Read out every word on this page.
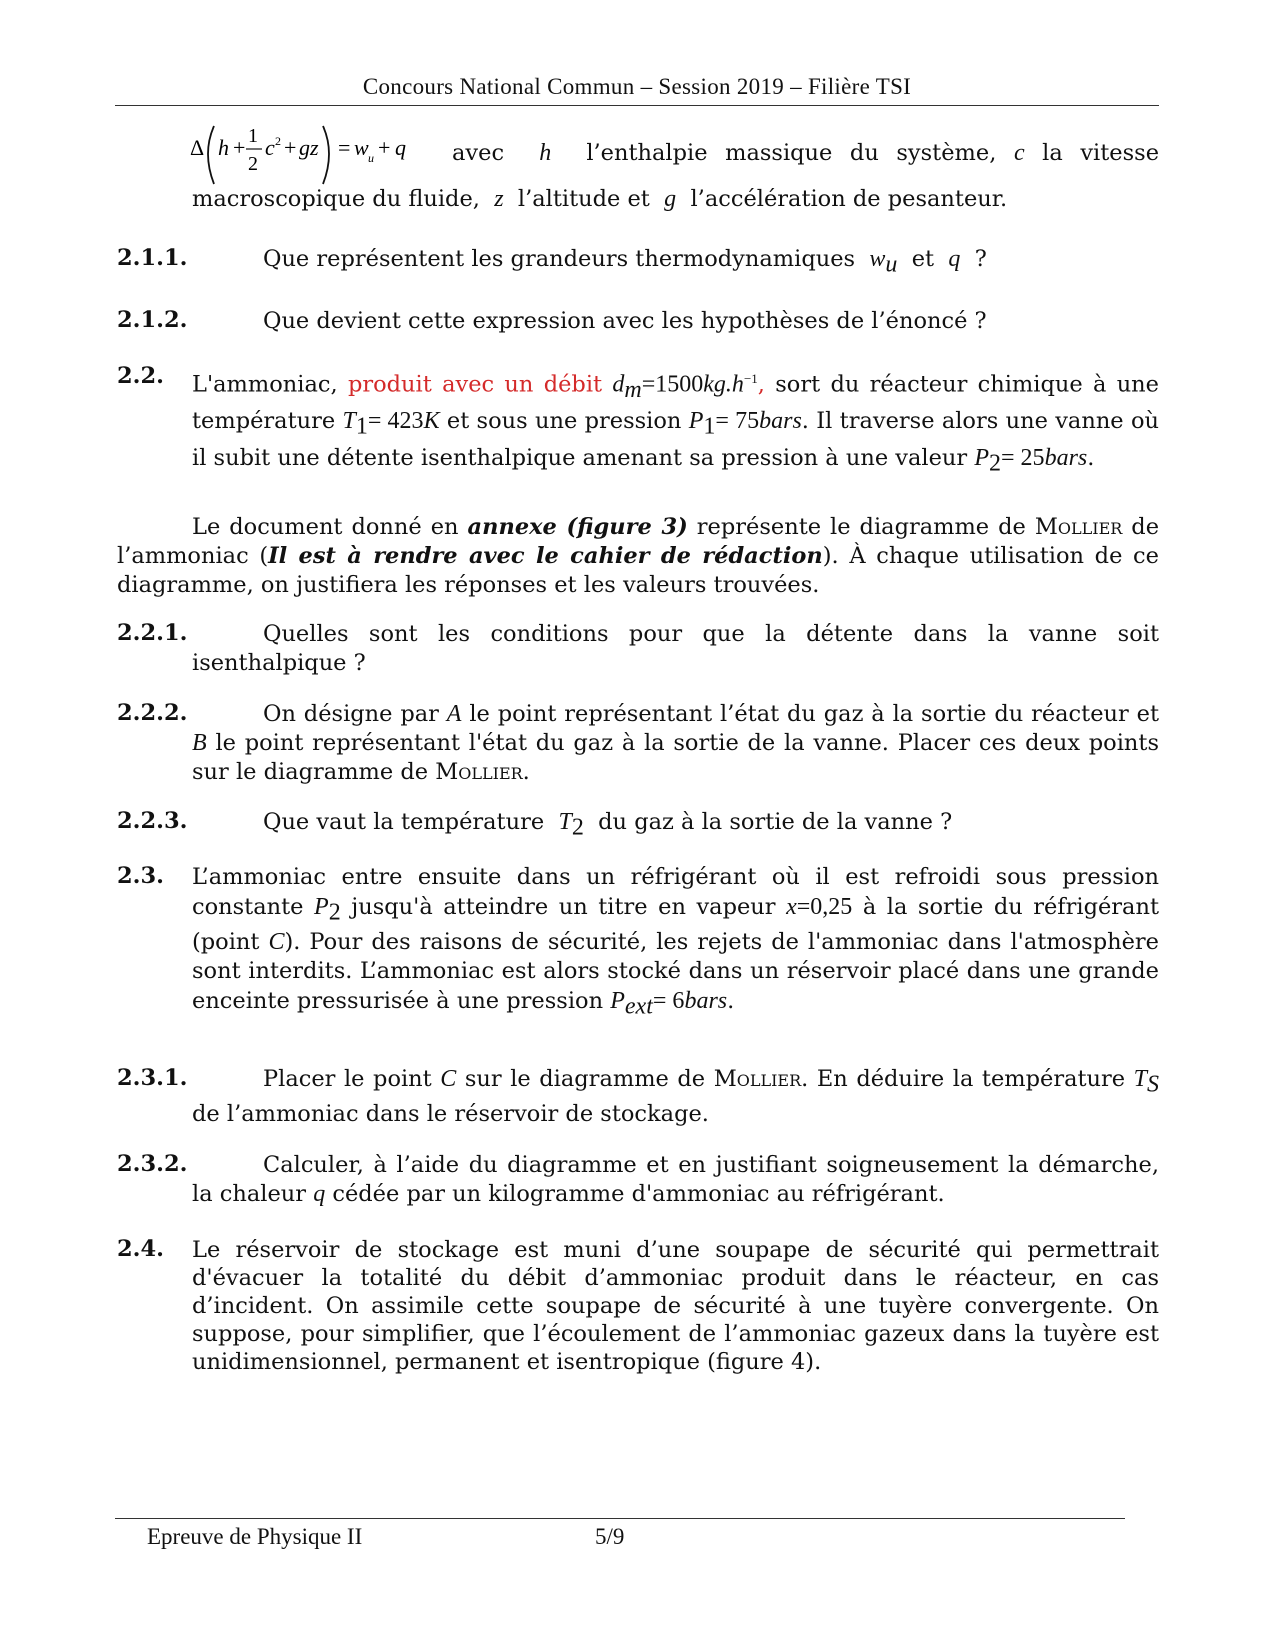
Concours National Commun – Session 2019 – Filière TSI
Δ h + 1
2
c 2 + gz = w u + q avec h l’enthalpie massique du système, c la vitesse
macroscopique du fluide, z l’altitude et g l’accélération de pesanteur.
2.1.1.	Que représentent les grandeurs thermodynamiques $w_u$ et q ?
2.1.2.	Que devient cette expression avec les hypothèses de l’énoncé ?
2.2. L'ammoniac, produit avec un débit $d_m=1500kg.h^{-1}$, sort du réacteur chimique à une température $T_1= 423K$ et sous une pression $P_1=$ 75bars. Il traverse alors une vanne où il subit une détente isenthalpique amenant sa pression à une valeur $P_2=$ 25bars.
Le document donné en annexe (figure 3) représente le diagramme de Mollier de l’ammoniac (Il est à rendre avec le cahier de rédaction). À chaque utilisation de ce diagramme, on justifiera les réponses et les valeurs trouvées.
2.2.1.	Quelles sont les conditions pour que la détente dans la vanne soit isenthalpique ?
2.2.2.	On désigne par A le point représentant l’état du gaz à la sortie du réacteur et B le point représentant l'état du gaz à la sortie de la vanne. Placer ces deux points sur le diagramme de Mollier.
2.2.3.	Que vaut la température $T_2$ du gaz à la sortie de la vanne ?
2.3. L’ammoniac entre ensuite dans un réfrigérant où il est refroidi sous pression constante $P_2$ jusqu'à atteindre un titre en vapeur x=0,25 à la sortie du réfrigérant (point C). Pour des raisons de sécurité, les rejets de l'ammoniac dans l'atmosphère sont interdits. L’ammoniac est alors stocké dans un réservoir placé dans une grande enceinte pressurisée à une pression $P_{ext}=$ 6bars.
2.3.1.	Placer le point C sur le diagramme de Mollier. En déduire la température $T_S$ de l’ammoniac dans le réservoir de stockage.
2.3.2.	Calculer, à l’aide du diagramme et en justifiant soigneusement la démarche, la chaleur q cédée par un kilogramme d'ammoniac au réfrigérant.
2.4. Le réservoir de stockage est muni d’une soupape de sécurité qui permettrait d'évacuer la totalité du débit d’ammoniac produit dans le réacteur, en cas d’incident. On assimile cette soupape de sécurité à une tuyère convergente. On suppose, pour simplifier, que l’écoulement de l’ammoniac gazeux dans la tuyère est unidimensionnel, permanent et isentropique (figure 4).
Epreuve de Physique II	5/9
